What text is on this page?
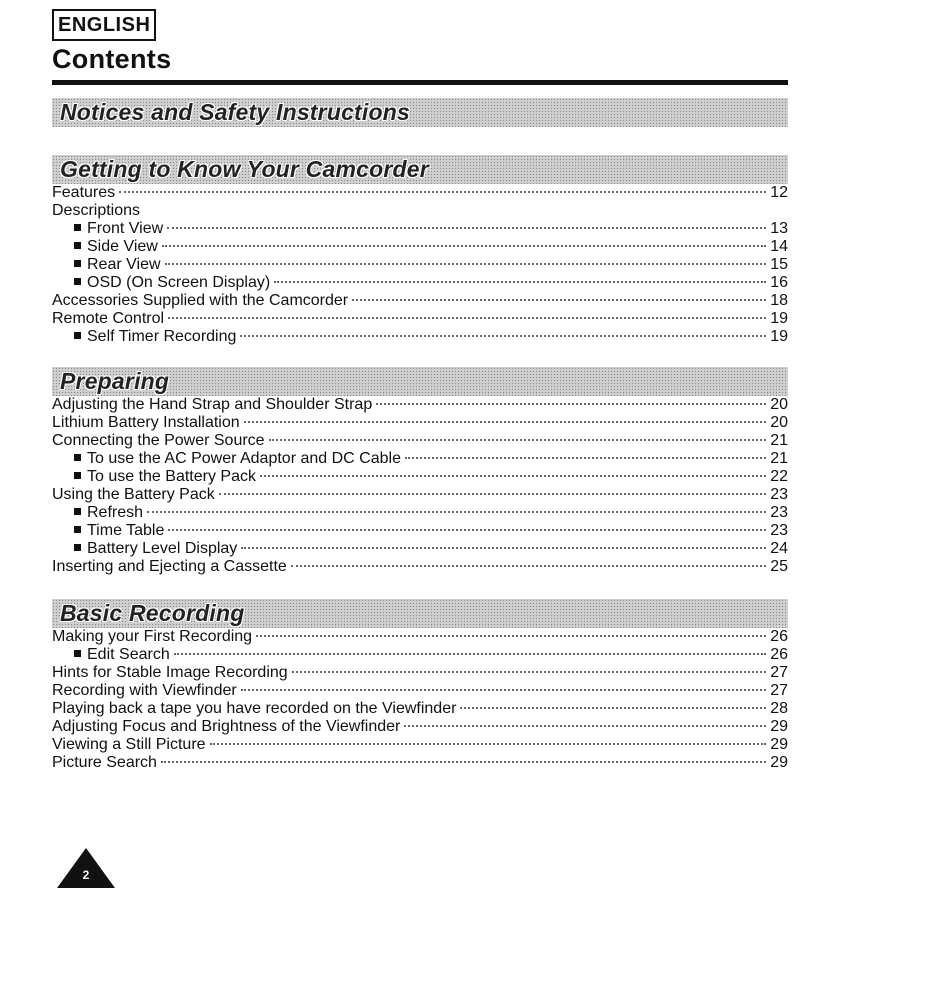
ENGLISH
Contents
Notices and Safety Instructions
Getting to Know Your Camcorder
Features	12
Descriptions
Front View	13
Side View	14
Rear View	15
OSD (On Screen Display)	16
Accessories Supplied with the Camcorder	18
Remote Control	19
Self Timer Recording	19
Preparing
Adjusting the Hand Strap and Shoulder Strap	20
Lithium Battery Installation	20
Connecting the Power Source	21
To use the AC Power Adaptor and DC Cable	21
To use the Battery Pack	22
Using the Battery Pack	23
Refresh	23
Time Table	23
Battery Level Display	24
Inserting and Ejecting a Cassette	25
Basic Recording
Making your First Recording	26
Edit Search	26
Hints for Stable Image Recording	27
Recording with Viewfinder	27
Playing back a tape you have recorded on the Viewfinder	28
Adjusting Focus and Brightness of the Viewfinder	29
Viewing a Still Picture	29
Picture Search	29
2
